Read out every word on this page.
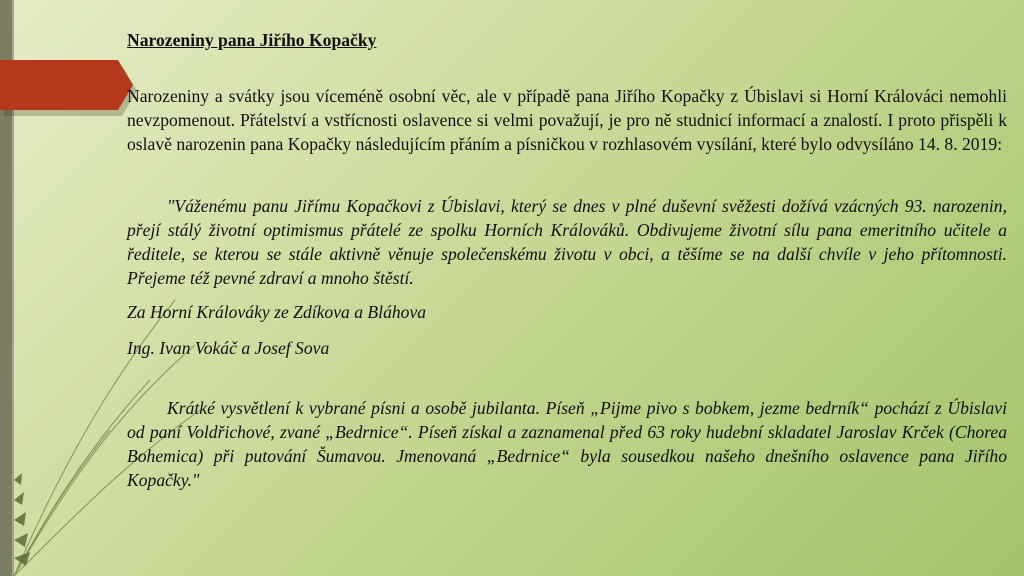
Narozeniny pana Jiřího Kopačky

Narozeniny a svátky jsou víceméně osobní věc, ale v případě pana Jiřího Kopačky z Úbislavi si Horní Králováci nemohli nevzpomenout. Přátelství a vstřícnosti oslavence si velmi považují, je pro ně studnicí informací a znalostí. I proto přispěli k oslavě narozenin pana Kopačky následujícím přáním a písničkou v rozhlasovém vysílání, které bylo odvysíláno 14. 8. 2019:

"Váženému panu Jiřímu Kopačkovi z Úbislavi, který se dnes v plné duševní svěžesti dožívá vzácných 93. narozenin, přejí stálý životní optimismus přátelé ze spolku Horních Králováků. Obdivujeme životní sílu pana emeritního učitele a ředitele, se kterou se stále aktivně věnuje společenskému životu v obci, a těšíme se na další chvíle v jeho přítomnosti. Přejeme též pevné zdraví a mnoho štěstí.

Za Horní Králováky ze Zdíkova a Bláhova

Ing. Ivan Vokáč a Josef Sova

Krátké vysvětlení k vybrané písni a osobě jubilanta. Píseň „Pijme pivo s bobkem, jezme bedrník“ pochází z Úbislavi od paní Voldřichové, zvané „Bedrnice“. Píseň získal a zaznamenal před 63 roky hudební skladatel Jaroslav Krček (Chorea Bohemica) při putování Šumavou. Jmenovaná „Bedrnice“ byla sousedkou našeho dnešního oslavence pana Jiřího Kopačky."
